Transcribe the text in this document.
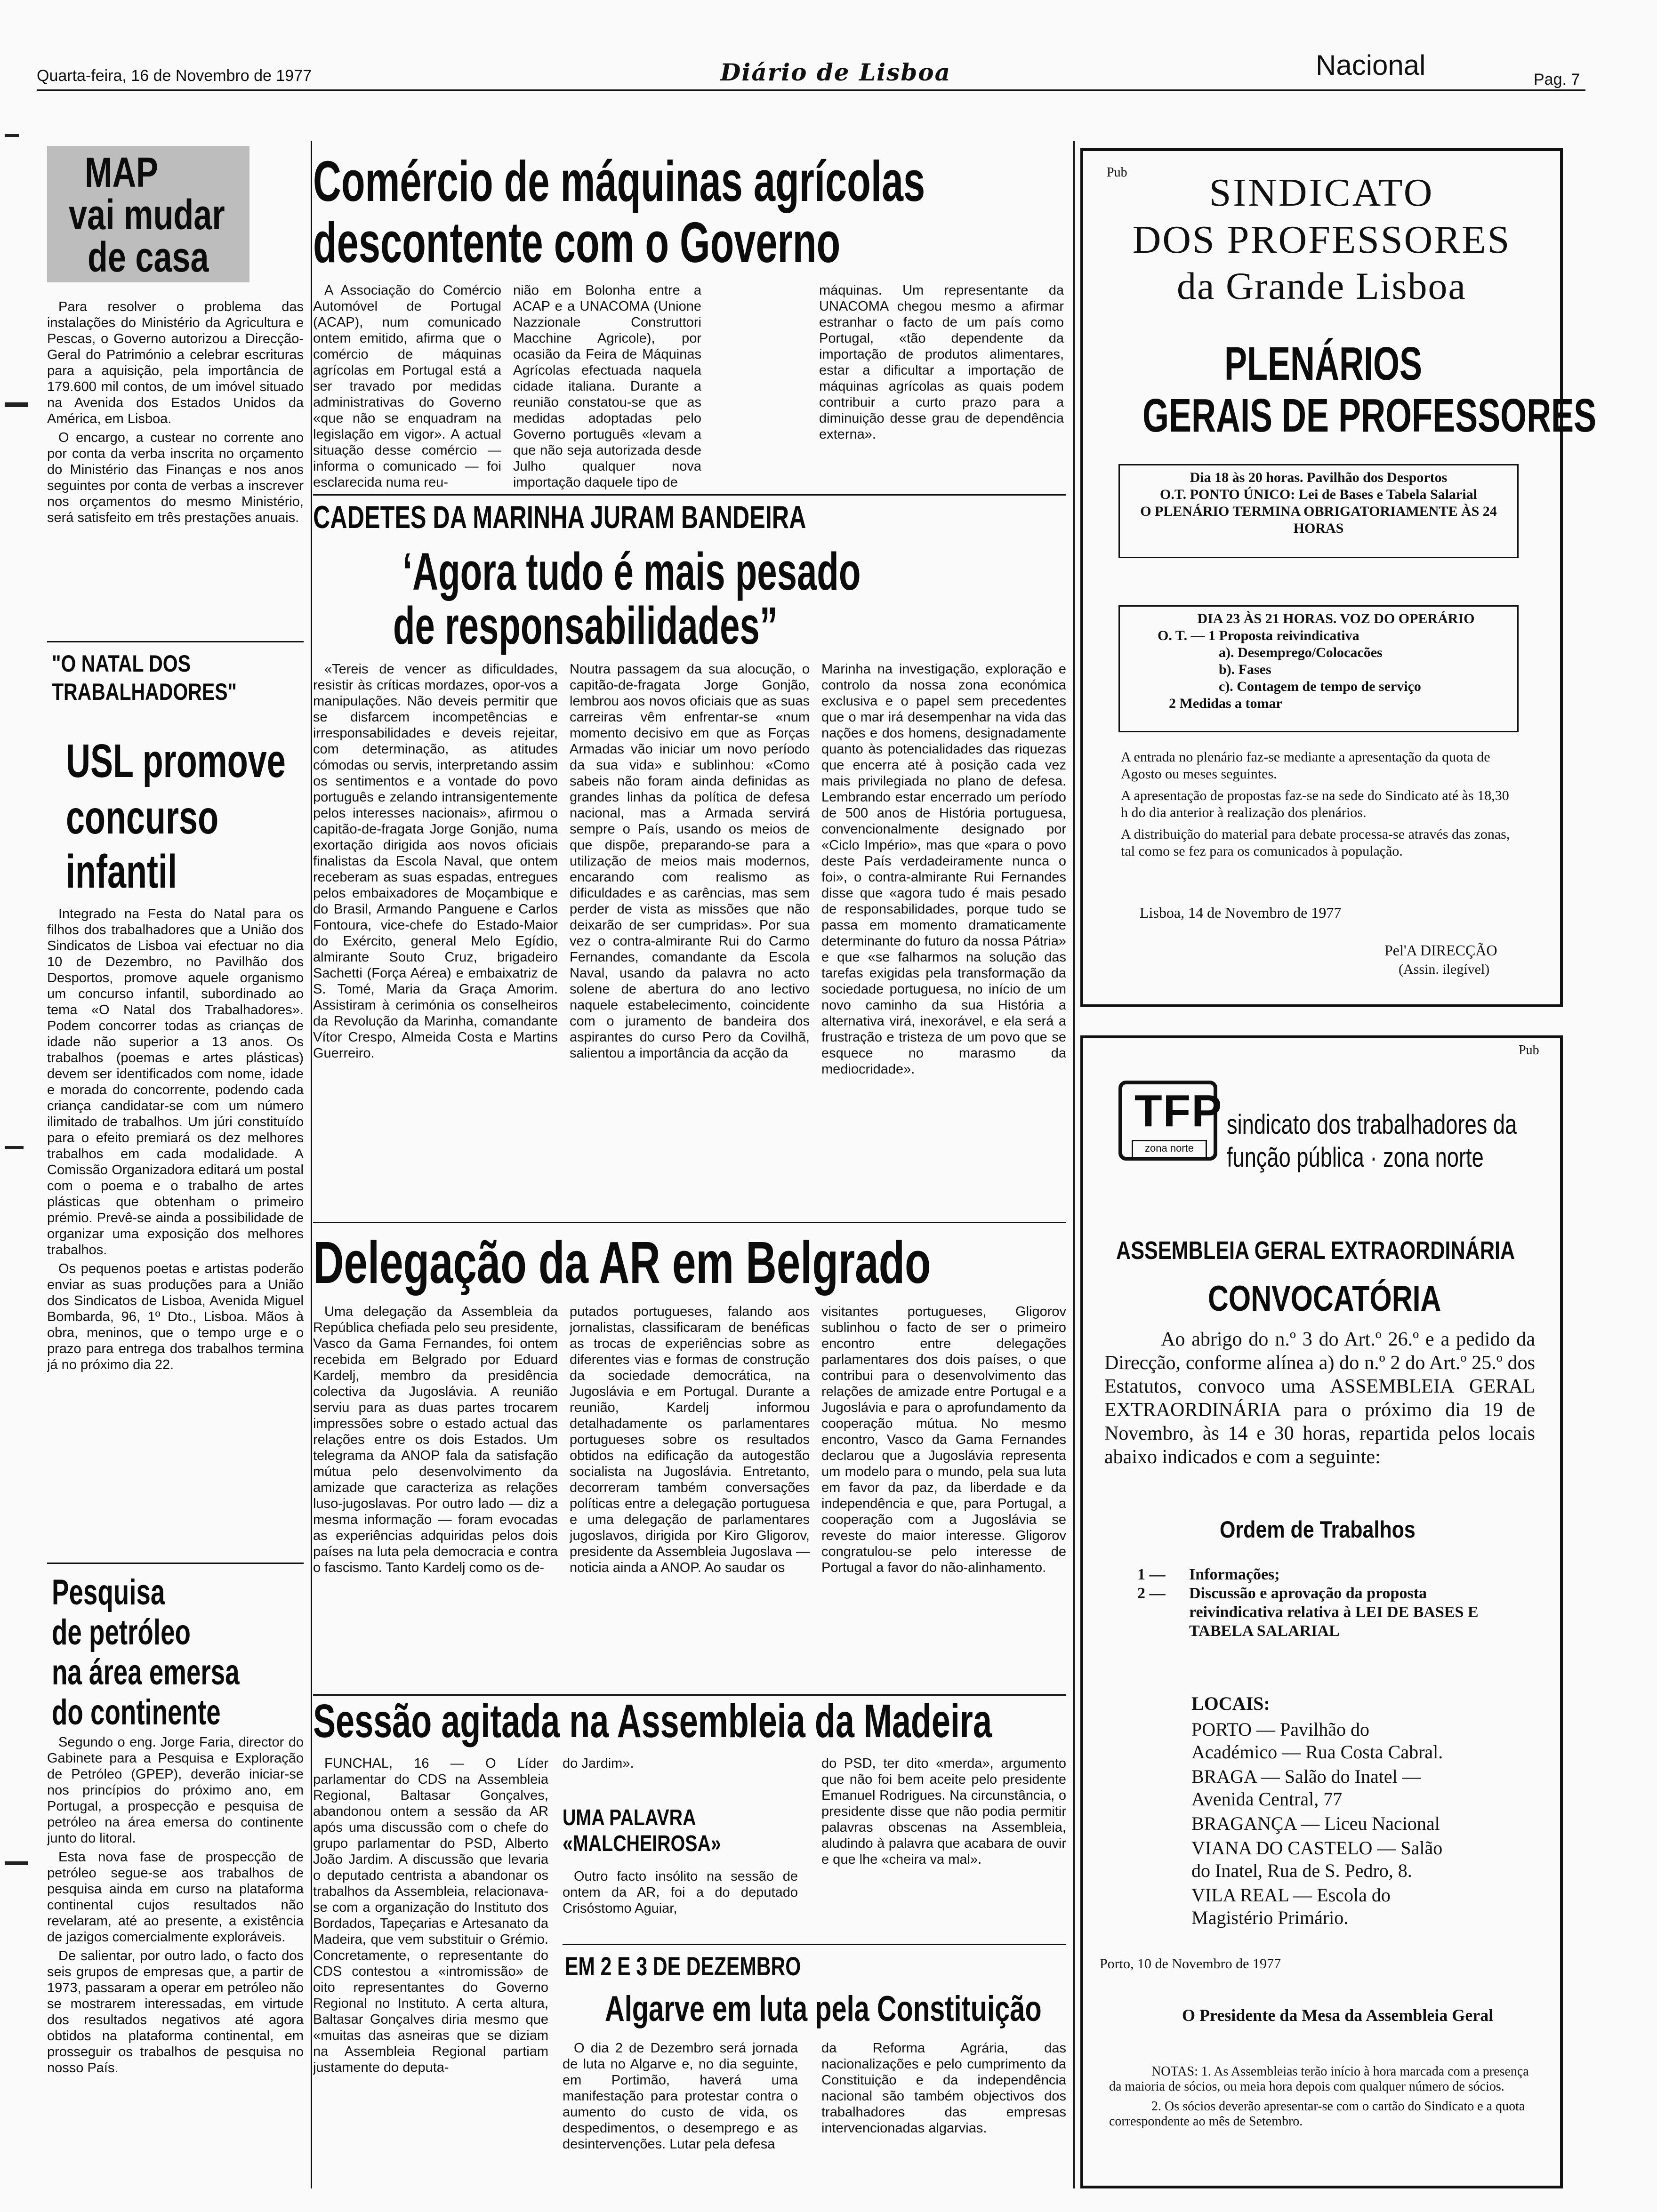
Quarta-feira, 16 de Novembro de 1977	Diário de Lisboa	Nacional	Pag. 7
MAP
vai mudar
de casa

Para resolver o problema das instalações do Ministério da Agricultura e Pescas, o Governo autorizou a Direcção-Geral do Património a celebrar escrituras para a aquisição, pela importância de 179.600 mil contos, de um imóvel situado na Avenida dos Estados Unidos da América, em Lisboa.

O encargo, a custear no corrente ano por conta da verba inscrita no orçamento do Ministério das Finanças e nos anos seguintes por conta de verbas a inscrever nos orçamentos do mesmo Ministério, será satisfeito em três prestações anuais.

"O NATAL DOS TRABALHADORES"
USL promove
concurso
infantil

Integrado na Festa do Natal para os filhos dos trabalhadores que a União dos Sindicatos de Lisboa vai efectuar no dia 10 de Dezembro, no Pavilhão dos Desportos, promove aquele organismo um concurso infantil, subordinado ao tema «O Natal dos Trabalhadores». Podem concorrer todas as crianças de idade não superior a 13 anos. Os trabalhos (poemas e artes plásticas) devem ser identificados com nome, idade e morada do concorrente, podendo cada criança candidatar-se com um número ilimitado de trabalhos. Um júri constituído para o efeito premiará os dez melhores trabalhos em cada modalidade. A Comissão Organizadora editará um postal com o poema e o trabalho de artes plásticas que obtenham o primeiro prémio. Prevê-se ainda a possibilidade de organizar uma exposição dos melhores trabalhos.

Os pequenos poetas e artistas poderão enviar as suas produções para a União dos Sindicatos de Lisboa, Avenida Miguel Bombarda, 96, 1º Dto., Lisboa. Mãos à obra, meninos, que o tempo urge e o prazo para entrega dos trabalhos termina já no próximo dia 22.

Pesquisa
de petróleo
na área emersa
do continente

Segundo o eng. Jorge Faria, director do Gabinete para a Pesquisa e Exploração de Petróleo (GPEP), deverão iniciar-se nos princípios do próximo ano, em Portugal, a prospecção e pesquisa de petróleo na área emersa do continente junto do litoral.

Esta nova fase de prospecção de petróleo segue-se aos trabalhos de pesquisa ainda em curso na plataforma continental cujos resultados não revelaram, até ao presente, a existência de jazigos comercialmente exploráveis.

De salientar, por outro lado, o facto dos seis grupos de empresas que, a partir de 1973, passaram a operar em petróleo não se mostrarem interessadas, em virtude dos resultados negativos até agora obtidos na plataforma continental, em prosseguir os trabalhos de pesquisa no nosso País.

Comércio de máquinas agrícolas
descontente com o Governo
A Associação do Comércio Automóvel de Portugal (ACAP), num comunicado ontem emitido, afirma que o comércio de máquinas agrícolas em Portugal está a ser travado por medidas administrativas do Governo «que não se enquadram na legislação em vigor». A actual situação desse comércio — informa o comunicado — foi esclarecida numa reu-
nião em Bolonha entre a ACAP e a UNACOMA (Unione Nazzionale Construttori Macchine Agricole), por ocasião da Feira de Máquinas Agrícolas efectuada naquela cidade italiana. Durante a reunião constatou-se que as medidas adoptadas pelo Governo português «levam a que não seja autorizada desde Julho qualquer nova importação daquele tipo de
máquinas. Um representante da UNACOMA chegou mesmo a afirmar estranhar o facto de um país como Portugal, «tão dependente da importação de produtos alimentares, estar a dificultar a importação de máquinas agrícolas as quais podem contribuir a curto prazo para a diminuição desse grau de dependência externa».
CADETES DA MARINHA JURAM BANDEIRA
‘Agora tudo é mais pesado
de responsabilidades”
«Tereis de vencer as dificuldades, resistir às críticas mordazes, opor-vos a manipulações. Não deveis permitir que se disfarcem incompetências e irresponsabilidades e deveis rejeitar, com determinação, as atitudes cómodas ou servis, interpretando assim os sentimentos e a vontade do povo português e zelando intransigentemente pelos interesses nacionais», afirmou o capitão-de-fragata Jorge Gonjão, numa exortação dirigida aos novos oficiais finalistas da Escola Naval, que ontem receberam as suas espadas, entregues pelos embaixadores de Moçambique e do Brasil, Armando Panguene e Carlos Fontoura, vice-chefe do Estado-Maior do Exército, general Melo Egídio, almirante Souto Cruz, brigadeiro Sachetti (Força Aérea) e embaixatriz de S. Tomé, Maria da Graça Amorim. Assistiram à cerimónia os conselheiros da Revolução da Marinha, comandante Vítor Crespo, Almeida Costa e Martins Guerreiro.
Noutra passagem da sua alocução, o capitão-de-fragata Jorge Gonjão, lembrou aos novos oficiais que as suas carreiras vêm enfrentar-se «num momento decisivo em que as Forças Armadas vão iniciar um novo período da sua vida» e sublinhou: «Como sabeis não foram ainda definidas as grandes linhas da política de defesa nacional, mas a Armada servirá sempre o País, usando os meios de que dispõe, preparando-se para a utilização de meios mais modernos, encarando com realismo as dificuldades e as carências, mas sem perder de vista as missões que não deixarão de ser cumpridas». Por sua vez o contra-almirante Rui do Carmo Fernandes, comandante da Escola Naval, usando da palavra no acto solene de abertura do ano lectivo naquele estabelecimento, coincidente com o juramento de bandeira dos aspirantes do curso Pero da Covilhã, salientou a importância da acção da
Marinha na investigação, exploração e controlo da nossa zona económica exclusiva e o papel sem precedentes que o mar irá desempenhar na vida das nações e dos homens, designadamente quanto às potencialidades das riquezas que encerra até à posição cada vez mais privilegiada no plano de defesa. Lembrando estar encerrado um período de 500 anos de História portuguesa, convencionalmente designado por «Ciclo Império», mas que «para o povo deste País verdadeiramente nunca o foi», o contra-almirante Rui Fernandes disse que «agora tudo é mais pesado de responsabilidades, porque tudo se passa em momento dramaticamente determinante do futuro da nossa Pátria» e que «se falharmos na solução das tarefas exigidas pela transformação da sociedade portuguesa, no início de um novo caminho da sua História a alternativa virá, inexorável, e ela será a frustração e tristeza de um povo que se esquece no marasmo da mediocridade».
Delegação da AR em Belgrado
Uma delegação da Assembleia da República chefiada pelo seu presidente, Vasco da Gama Fernandes, foi ontem recebida em Belgrado por Eduard Kardelj, membro da presidência colectiva da Jugoslávia. A reunião serviu para as duas partes trocarem impressões sobre o estado actual das relações entre os dois Estados. Um telegrama da ANOP fala da satisfação mútua pelo desenvolvimento da amizade que caracteriza as relações luso-jugoslavas. Por outro lado — diz a mesma informação — foram evocadas as experiências adquiridas pelos dois países na luta pela democracia e contra o fascismo. Tanto Kardelj como os de-
putados portugueses, falando aos jornalistas, classificaram de benéficas as trocas de experiências sobre as diferentes vias e formas de construção da sociedade democrática, na Jugoslávia e em Portugal. Durante a reunião, Kardelj informou detalhadamente os parlamentares portugueses sobre os resultados obtidos na edificação da autogestão socialista na Jugoslávia. Entretanto, decorreram também conversações políticas entre a delegação portuguesa e uma delegação de parlamentares jugoslavos, dirigida por Kiro Gligorov, presidente da Assembleia Jugoslava — noticia ainda a ANOP. Ao saudar os
visitantes portugueses, Gligorov sublinhou o facto de ser o primeiro encontro entre delegações parlamentares dos dois países, o que contribui para o desenvolvimento das relações de amizade entre Portugal e a Jugoslávia e para o aprofundamento da cooperação mútua. No mesmo encontro, Vasco da Gama Fernandes declarou que a Jugoslávia representa um modelo para o mundo, pela sua luta em favor da paz, da liberdade e da independência e que, para Portugal, a cooperação com a Jugoslávia se reveste do maior interesse. Gligorov congratulou-se pelo interesse de Portugal a favor do não-alinhamento.
Sessão agitada na Assembleia da Madeira
FUNCHAL, 16 — O Líder parlamentar do CDS na Assembleia Regional, Baltasar Gonçalves, abandonou ontem a sessão da AR após uma discussão com o chefe do grupo parlamentar do PSD, Alberto João Jardim. A discussão que levaria o deputado centrista a abandonar os trabalhos da Assembleia, relacionava-se com a organização do Instituto dos Bordados, Tapeçarias e Artesanato da Madeira, que vem substituir o Grémio. Concretamente, o representante do CDS contestou a «intromissão» de oito representantes do Governo Regional no Instituto. A certa altura, Baltasar Gonçalves diria mesmo que «muitas das asneiras que se diziam na Assembleia Regional partiam justamente do deputa-
do Jardim».
UMA PALAVRA
«MALCHEIROSA»
Outro facto insólito na sessão de ontem da AR, foi a do deputado Crisóstomo Aguiar,
do PSD, ter dito «merda», argumento que não foi bem aceite pelo presidente Emanuel Rodrigues. Na circunstância, o presidente disse que não podia permitir palavras obscenas na Assembleia, aludindo à palavra que acabara de ouvir e que lhe «cheira va mal».
EM 2 E 3 DE DEZEMBRO
Algarve em luta pela Constituição
O dia 2 de Dezembro será jornada de luta no Algarve e, no dia seguinte, em Portimão, haverá uma manifestação para protestar contra o aumento do custo de vida, os despedimentos, o desemprego e as desintervenções. Lutar pela defesa
da Reforma Agrária, das nacionalizações e pelo cumprimento da Constituição e da independência nacional são também objectivos dos trabalhadores das empresas intervencionadas algarvias.
Pub	SINDICATO
DOS PROFESSORES
da Grande Lisboa
PLENÁRIOS
GERAIS DE PROFESSORES
Dia 18 às 20 horas. Pavilhão dos Desportos
O.T. PONTO ÚNICO: Lei de Bases e Tabela Salarial
O PLENÁRIO TERMINA OBRIGATORIAMENTE ÀS 24 HORAS
DIA 23 ÀS 21 HORAS. VOZ DO OPERÁRIO
O. T. — 1 Proposta reivindicativa
a). Desemprego/Colocacões
b). Fases
c). Contagem de tempo de serviço
2 Medidas a tomar

A entrada no plenário faz-se mediante a apresentação da quota de Agosto ou meses seguintes.

A apresentação de propostas faz-se na sede do Sindicato até às 18,30 h do dia anterior à realização dos plenários.

A distribuição do material para debate processa-se através das zonas, tal como se fez para os comunicados à população.

Lisboa, 14 de Novembro de 1977
Pel'A DIRECÇÃO
(Assin. ilegível)
Pub
TFP
zona norte
sindicato dos trabalhadores da
função pública · zona norte
ASSEMBLEIA GERAL EXTRAORDINÁRIA
CONVOCATÓRIA
Ao abrigo do n.º 3 do Art.º 26.º e a pedido da Direcção, conforme alínea a) do n.º 2 do Art.º 25.º dos Estatutos, convoco uma ASSEMBLEIA GERAL EXTRAORDINÁRIA para o próximo dia 19 de Novembro, às 14 e 30 horas, repartida pelos locais abaixo indicados e com a seguinte:
Ordem de Trabalhos
1 —	Informações;
2 —	Discussão e aprovação da proposta reivindicativa relativa à LEI DE BASES E TABELA SALARIAL
LOCAIS:
PORTO — Pavilhão do Académico — Rua Costa Cabral.
BRAGA — Salão do Inatel — Avenida Central, 77
BRAGANÇA — Liceu Nacional
VIANA DO CASTELO — Salão do Inatel, Rua de S. Pedro, 8.
VILA REAL — Escola do Magistério Primário.
Porto, 10 de Novembro de 1977
O Presidente da Mesa da Assembleia Geral

NOTAS: 1. As Assembleias terão início à hora marcada com a presença da maioria de sócios, ou meia hora depois com qualquer número de sócios.

2. Os sócios deverão apresentar-se com o cartão do Sindicato e a quota correspondente ao mês de Setembro.
